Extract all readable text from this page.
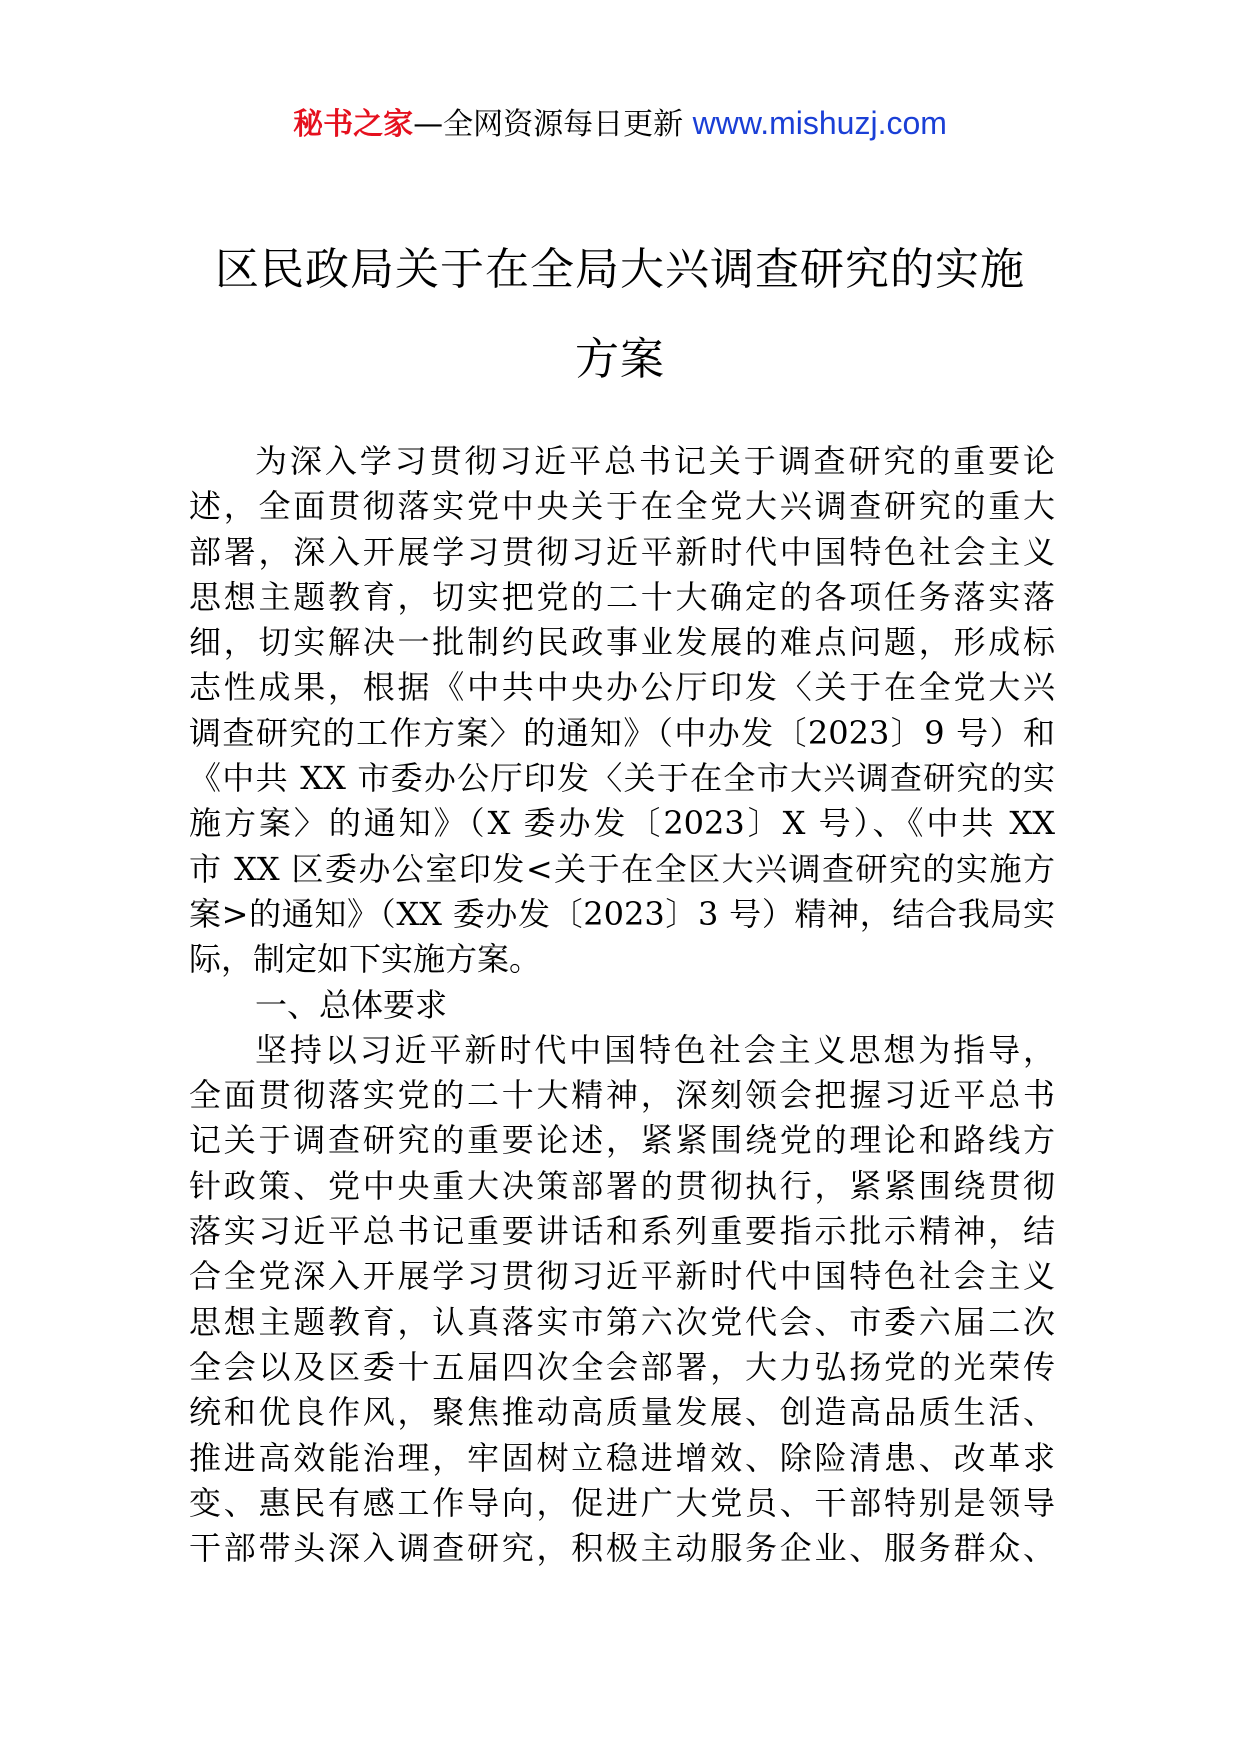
秘书之家—全网资源每日更新 www.mishuzj.com
区民政局关于在全局大兴调查研究的实施
方案
为深入学习贯彻习近平总书记关于调查研究的重要论
述，全面贯彻落实党中央关于在全党大兴调查研究的重大
部署，深入开展学习贯彻习近平新时代中国特色社会主义
思想主题教育，切实把党的二十大确定的各项任务落实落
细，切实解决一批制约民政事业发展的难点问题，形成标
志性成果，根据《中共中央办公厅印发〈关于在全党大兴
调查研究的工作方案〉的通知》（中办发〔2023〕9 号）和
《中共 XX 市委办公厅印发〈关于在全市大兴调查研究的实
施方案〉的通知》（X 委办发〔2023〕X 号）、《中共 XX
市 XX 区委办公室印发<关于在全区大兴调查研究的实施方
案>的通知》（XX 委办发〔2023〕3 号）精神，结合我局实
际，制定如下实施方案。
一、总体要求
坚持以习近平新时代中国特色社会主义思想为指导，
全面贯彻落实党的二十大精神，深刻领会把握习近平总书
记关于调查研究的重要论述，紧紧围绕党的理论和路线方
针政策、党中央重大决策部署的贯彻执行，紧紧围绕贯彻
落实习近平总书记重要讲话和系列重要指示批示精神，结
合全党深入开展学习贯彻习近平新时代中国特色社会主义
思想主题教育，认真落实市第六次党代会、市委六届二次
全会以及区委十五届四次全会部署，大力弘扬党的光荣传
统和优良作风，聚焦推动高质量发展、创造高品质生活、
推进高效能治理，牢固树立稳进增效、除险清患、改革求
变、惠民有感工作导向，促进广大党员、干部特别是领导
干部带头深入调查研究，积极主动服务企业、服务群众、
